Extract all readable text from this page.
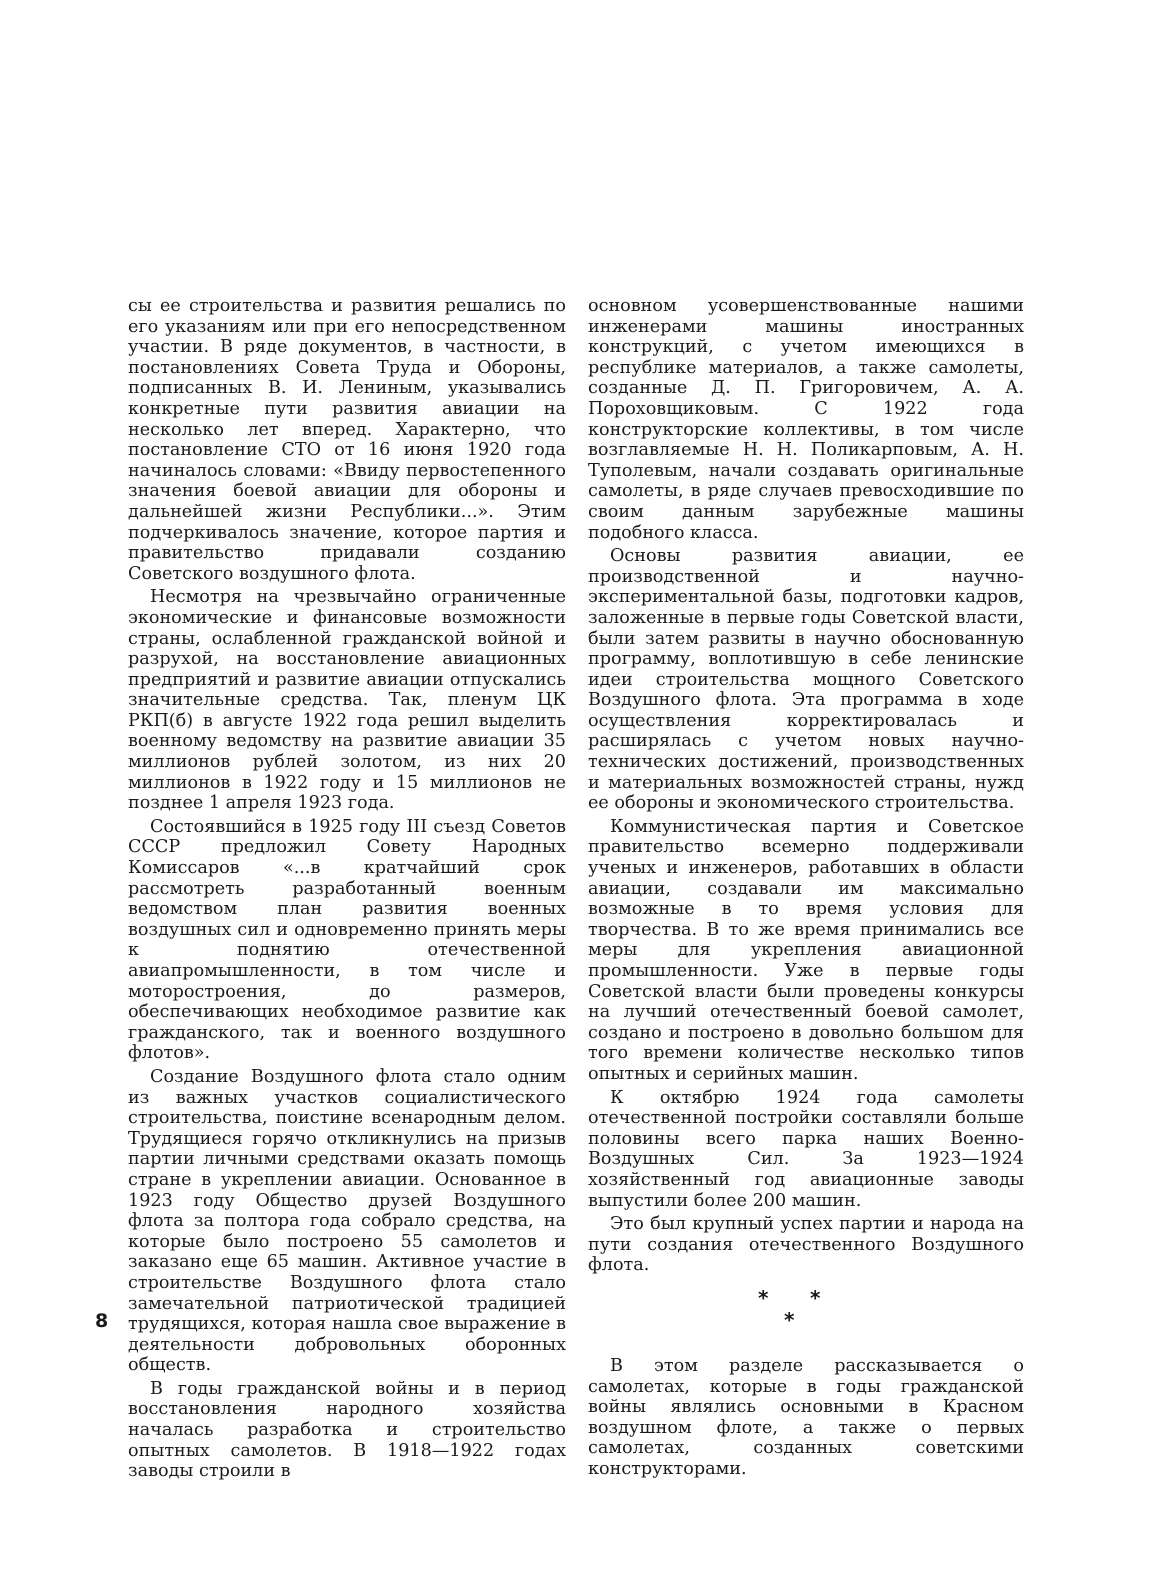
сы ее строительства и развития решались по его указаниям или при его непосредственном участии. В ряде документов, в частности, в постановлениях Совета Труда и Обороны, подписанных В. И. Лениным, указывались конкретные пути развития авиации на несколько лет вперед. Характерно, что постановление СТО от 16 июня 1920 года начиналось словами: «Ввиду первостепенного значения боевой авиации для обороны и дальнейшей жизни Республики...». Этим подчеркивалось значение, которое партия и правительство придавали созданию Советского воздушного флота.

Несмотря на чрезвычайно ограниченные экономические и финансовые возможности страны, ослабленной гражданской войной и разрухой, на восстановление авиационных предприятий и развитие авиации отпускались значительные средства. Так, пленум ЦК РКП(б) в августе 1922 года решил выделить военному ведомству на развитие авиации 35 миллионов рублей золотом, из них 20 миллионов в 1922 году и 15 миллионов не позднее 1 апреля 1923 года.

Состоявшийся в 1925 году III съезд Советов СССР предложил Совету Народных Комиссаров «...в кратчайший срок рассмотреть разработанный военным ведомством план развития военных воздушных сил и одновременно принять меры к поднятию отечественной авиапромышленности, в том числе и моторостроения, до размеров, обеспечивающих необходимое развитие как гражданского, так и военного воздушного флотов».

Создание Воздушного флота стало одним из важных участков социалистического строительства, поистине всенародным делом. Трудящиеся горячо откликнулись на призыв партии личными средствами оказать помощь стране в укреплении авиации. Основанное в 1923 году Общество друзей Воздушного флота за полтора года собрало средства, на которые было построено 55 самолетов и заказано еще 65 машин. Активное участие в строительстве Воздушного флота стало замечательной патриотической традицией трудящихся, которая нашла свое выражение в деятельности добровольных оборонных обществ.

В годы гражданской войны и в период восстановления народного хозяйства началась разработка и строительство опытных самолетов. В 1918—1922 годах заводы строили в

основном усовершенствованные нашими инженерами машины иностранных конструкций, с учетом имеющихся в республике материалов, а также самолеты, созданные Д. П. Григоровичем, А. А. Пороховщиковым. С 1922 года конструкторские коллективы, в том числе возглавляемые Н. Н. Поликарповым, А. Н. Туполевым, начали создавать оригинальные самолеты, в ряде случаев превосходившие по своим данным зарубежные машины подобного класса.

Основы развития авиации, ее производственной и научно-экспериментальной базы, подготовки кадров, заложенные в первые годы Советской власти, были затем развиты в научно обоснованную программу, воплотившую в себе ленинские идеи строительства мощного Советского Воздушного флота. Эта программа в ходе осуществления корректировалась и расширялась с учетом новых научно-технических достижений, производственных и материальных возможностей страны, нужд ее обороны и экономического строительства.

Коммунистическая партия и Советское правительство всемерно поддерживали ученых и инженеров, работавших в области авиации, создавали им максимально возможные в то время условия для творчества. В то же время принимались все меры для укрепления авиационной промышленности. Уже в первые годы Советской власти были проведены конкурсы на лучший отечественный боевой самолет, создано и построено в довольно большом для того времени количестве несколько типов опытных и серийных машин.

К октябрю 1924 года самолеты отечественной постройки составляли больше половины всего парка наших Военно-Воздушных Сил. За 1923—1924 хозяйственный год авиационные заводы выпустили более 200 машин.

Это был крупный успех партии и народа на пути создания отечественного Воздушного флота.

* *
*

В этом разделе рассказывается о самолетах, которые в годы гражданской войны являлись основными в Красном воздушном флоте, а также о первых самолетах, созданных советскими конструкторами.

8
